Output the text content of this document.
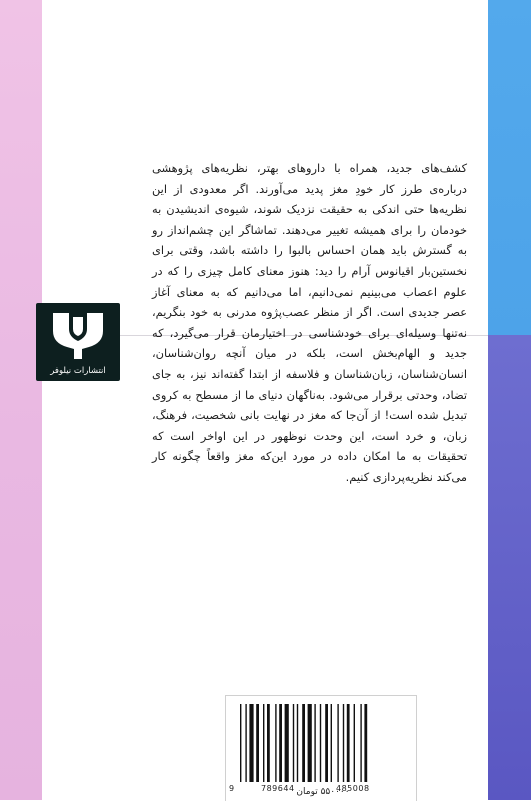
کشف‌های جدید، همراه با داروهای بهتر، نظریه‌های پژوهشی درباره‌ی طرز کار خودِ مغز پدید می‌آورند. اگر معدودی از این نظریه‌ها حتی اندکی به حقیقت نزدیک شوند، شیوه‌ی اندیشیدن به خودمان را برای همیشه تغییر می‌دهند. تماشاگر این چشم‌انداز رو به گسترش باید همان احساس بالبوا را داشته باشد، وقتی برای نخستین‌بار اقیانوس آرام را دید: هنوز معنای کامل چیزی را که در علوم اعصاب می‌بینیم نمی‌دانیم، اما می‌دانیم که به معنای آغاز عصر جدیدی است. اگر از منظر عصب‌پژوه مدرنی به خود بنگریم، نه‌تنها وسیله‌ای برای خودشناسی در اختیارمان قرار می‌گیرد، که جدید و الهام‌بخش است، بلکه در میان آنچه روان‌شناسان، انسان‌شناسان، زبان‌شناسان و فلاسفه از ابتدا گفته‌اند نیز، به جای تضاد، وحدتی برقرار می‌شود. به‌ناگهان دنیای ما از مسطح به کروی تبدیل شده است! از آن‌جا که مغز در نهایت بانی شخصیت، فرهنگ، زبان، و خرد است، این وحدت نوظهور در این اواخر است که تحقیقات به ما امکان داده در مورد این‌که مغز واقعاً چگونه کار می‌کند نظریه‌پردازی کنیم.

انتشارات نیلوفر
9	789644	485008
۵۵۰۰۰۰ تومان
